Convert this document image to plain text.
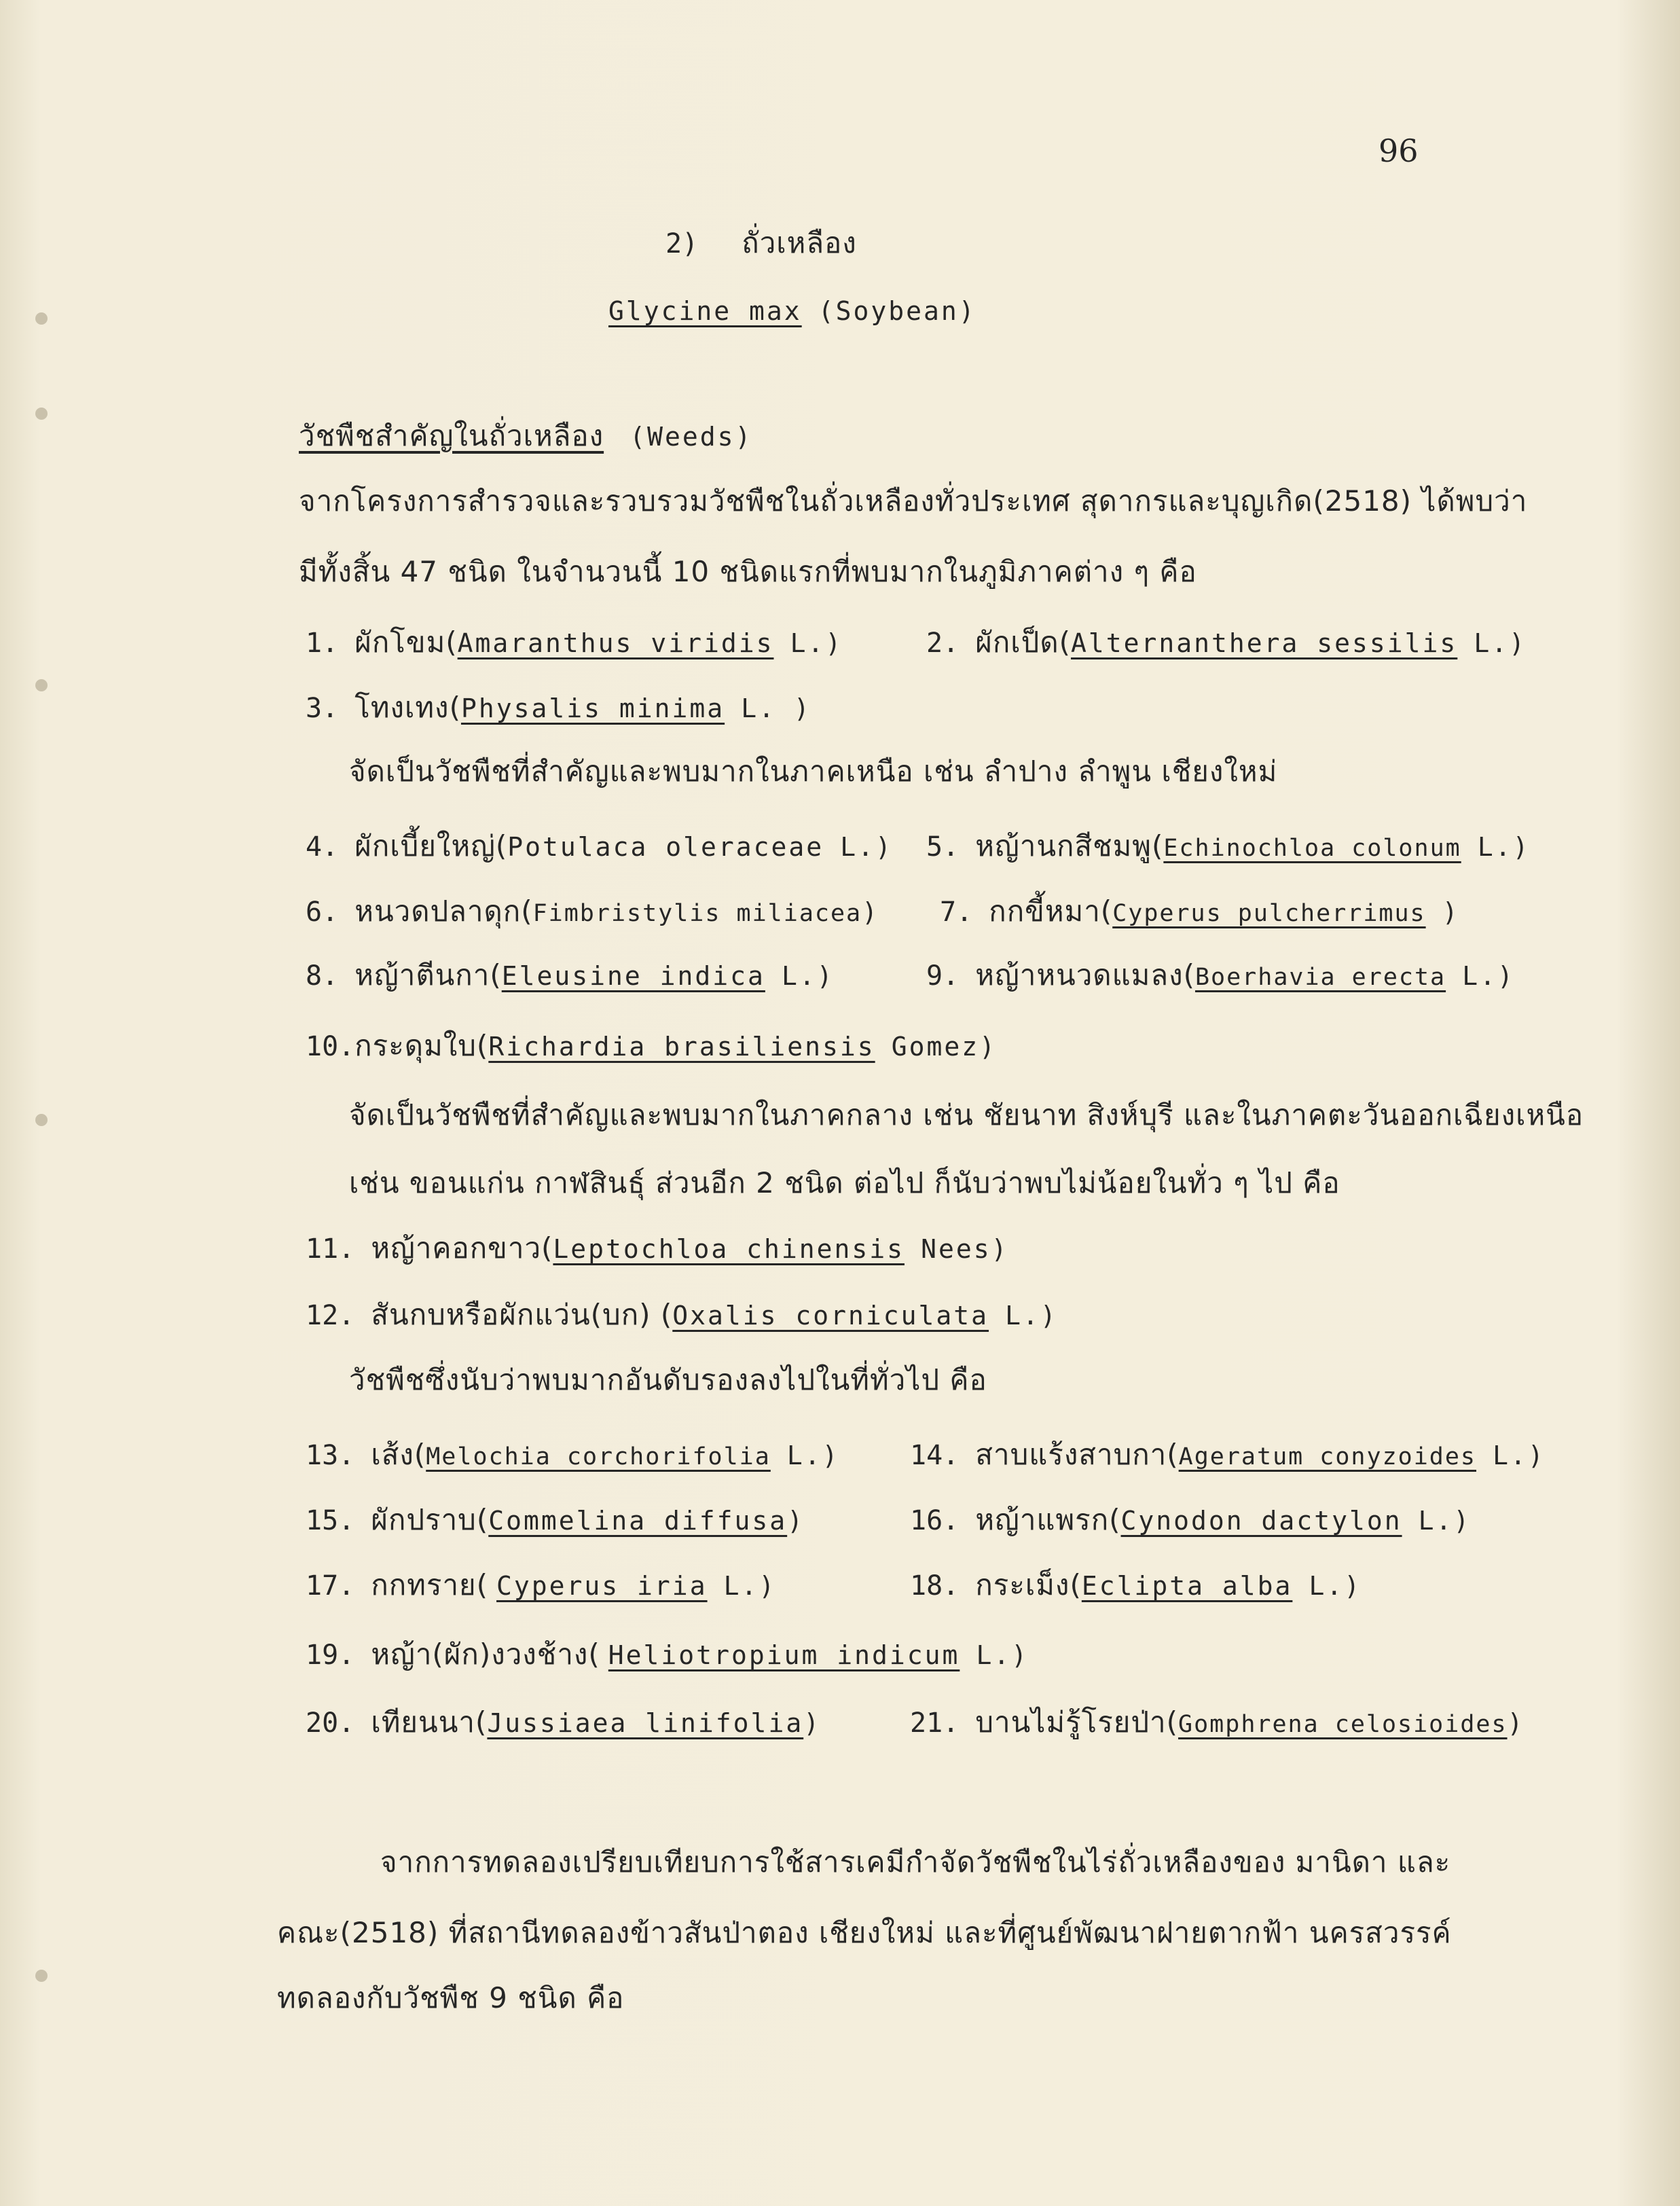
96
2) ถั่วเหลือง
Glycine max (Soybean)
วัชพืชสำคัญในถั่วเหลือง (Weeds)
จากโครงการสำรวจและรวบรวมวัชพืชในถั่วเหลืองทั่วประเทศ สุดากรและบุญเกิด(2518) ได้พบว่า
มีทั้งสิ้น 47 ชนิด ในจำนวนนี้ 10 ชนิดแรกที่พบมากในภูมิภาคต่าง ๆ คือ
1. ผักโขม(Amaranthus viridis L.)	2. ผักเป็ด(Alternanthera sessilis L.)
3. โทงเทง(Physalis minima L. )
จัดเป็นวัชพืชที่สำคัญและพบมากในภาคเหนือ เช่น ลำปาง ลำพูน เชียงใหม่
4. ผักเบี้ยใหญ่(Potulaca oleraceae L.) 5. หญ้านกสีชมพู(Echinochloa colonum L.)
6. หนวดปลาดุก(Fimbristylis miliacea) 7. กกขี้หมา(Cyperus pulcherrimus )
8. หญ้าตีนกา(Eleusine indica L.)	9. หญ้าหนวดแมลง(Boerhavia erecta L.)
10.กระดุมใบ(Richardia brasiliensis Gomez)
จัดเป็นวัชพืชที่สำคัญและพบมากในภาคกลาง เช่น ชัยนาท สิงห์บุรี และในภาคตะวันออกเฉียงเหนือ
เช่น ขอนแก่น กาฬสินธุ์ ส่วนอีก 2 ชนิด ต่อไป ก็นับว่าพบไม่น้อยในทั่ว ๆ ไป คือ
11. หญ้าคอกขาว(Leptochloa chinensis Nees)
12. สันกบหรือผักแว่น(บก) (Oxalis corniculata L.)
วัชพืชซึ่งนับว่าพบมากอันดับรองลงไปในที่ทั่วไป คือ
13. เส้ง(Melochia corchorifolia L.)	14. สาบแร้งสาบกา(Ageratum conyzoides L.)
15. ผักปราบ(Commelina diffusa)	16. หญ้าแพรก(Cynodon dactylon L.)
17. กกทราย( Cyperus iria L.)	18. กระเม็ง(Eclipta alba L.)
19. หญ้า(ผัก)งวงช้าง( Heliotropium indicum L.)
20. เทียนนา(Jussiaea linifolia)	21. บานไม่รู้โรยป่า(Gomphrena celosioides)
จากการทดลองเปรียบเทียบการใช้สารเคมีกำจัดวัชพืชในไร่ถั่วเหลืองของ มานิดา และ
คณะ(2518) ที่สถานีทดลองข้าวสันป่าตอง เชียงใหม่ และที่ศูนย์พัฒนาฝายตากฟ้า นครสวรรค์
ทดลองกับวัชพืช 9 ชนิด คือ
